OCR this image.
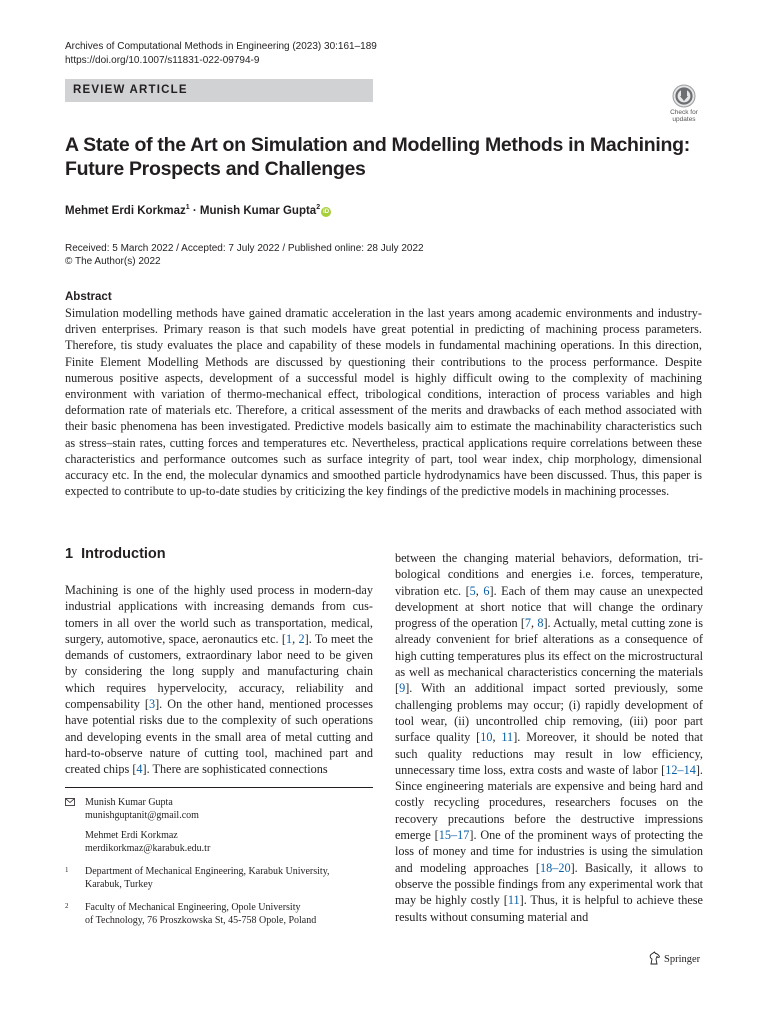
Archives of Computational Methods in Engineering (2023) 30:161–189
https://doi.org/10.1007/s11831-022-09794-9
REVIEW ARTICLE
Check for
updates
A State of the Art on Simulation and Modelling Methods in Machining:
Future Prospects and Challenges
Mehmet Erdi Korkmaz$^1$ · Munish Kumar Gupta$^2$iD
Received: 5 March 2022 / Accepted: 7 July 2022 / Published online: 28 July 2022
© The Author(s) 2022
Abstract
Simulation modelling methods have gained dramatic acceleration in the last years among academic environments and industry-driven enterprises. Primary reason is that such models have great potential in predicting of machining process parameters. Therefore, tis study evaluates the place and capability of these models in fundamental machining operations. In this direction, Finite Element Modelling Methods are discussed by questioning their contributions to the process performance. Despite numerous positive aspects, development of a successful model is highly difficult owing to the complexity of machining environment with variation of thermo-mechanical effect, tribological conditions, interaction of process variables and high deformation rate of materials etc. Therefore, a critical assessment of the merits and drawbacks of each method associated with their basic phenomena has been investigated. Predictive models basically aim to estimate the machinability characteristics such as stress–stain rates, cutting forces and temperatures etc. Nevertheless, practical applications require correlations between these characteristics and performance outcomes such as surface integrity of part, tool wear index, chip morphology, dimensional accuracy etc. In the end, the molecular dynamics and smoothed particle hydrodynamics have been discussed. Thus, this paper is expected to contribute to up-to-date studies by criticizing the key findings of the predictive models in machining processes.
1 Introduction
Machining is one of the highly used process in modern-day industrial applications with increasing demands from customers in all over the world such as transportation, medical, surgery, automotive, space, aeronautics etc. [1, 2]. To meet the demands of customers, extraordinary labor need to be given by considering the long supply and manufacturing chain which requires hypervelocity, accuracy, reliability and compensability [3]. On the other hand, mentioned processes have potential risks due to the complexity of such operations and developing events in the small area of metal cutting and hard-to-observe nature of cutting tool, machined part and created chips [4]. There are sophisticated connections
between the changing material behaviors, deformation, tribological conditions and energies i.e. forces, temperature, vibration etc. [5, 6]. Each of them may cause an unexpected development at short notice that will change the ordinary progress of the operation [7, 8]. Actually, metal cutting zone is already convenient for brief alterations as a consequence of high cutting temperatures plus its effect on the microstructural as well as mechanical characteristics concerning the materials [9]. With an additional impact sorted previously, some challenging problems may occur; (i) rapidly development of tool wear, (ii) uncontrolled chip removing, (iii) poor part surface quality [10, 11]. Moreover, it should be noted that such quality reductions may result in low efficiency, unnecessary time loss, extra costs and waste of labor [12–14]. Since engineering materials are expensive and being hard and costly recycling procedures, researchers focuses on the recovery precautions before the destructive impressions emerge [15–17]. One of the prominent ways of protecting the loss of money and time for industries is using the simulation and modeling approaches [18–20]. Basically, it allows to observe the possible findings from any experimental work that may be highly costly [11]. Thus, it is helpful to achieve these results without consuming material and
Munish Kumar Gupta
munishguptanit@gmail.com
Mehmet Erdi Korkmaz
merdikorkmaz@karabuk.edu.tr
1 Department of Mechanical Engineering, Karabuk University,
Karabuk, Turkey
2 Faculty of Mechanical Engineering, Opole University
of Technology, 76 Proszkowska St, 45-758 Opole, Poland
Springer
